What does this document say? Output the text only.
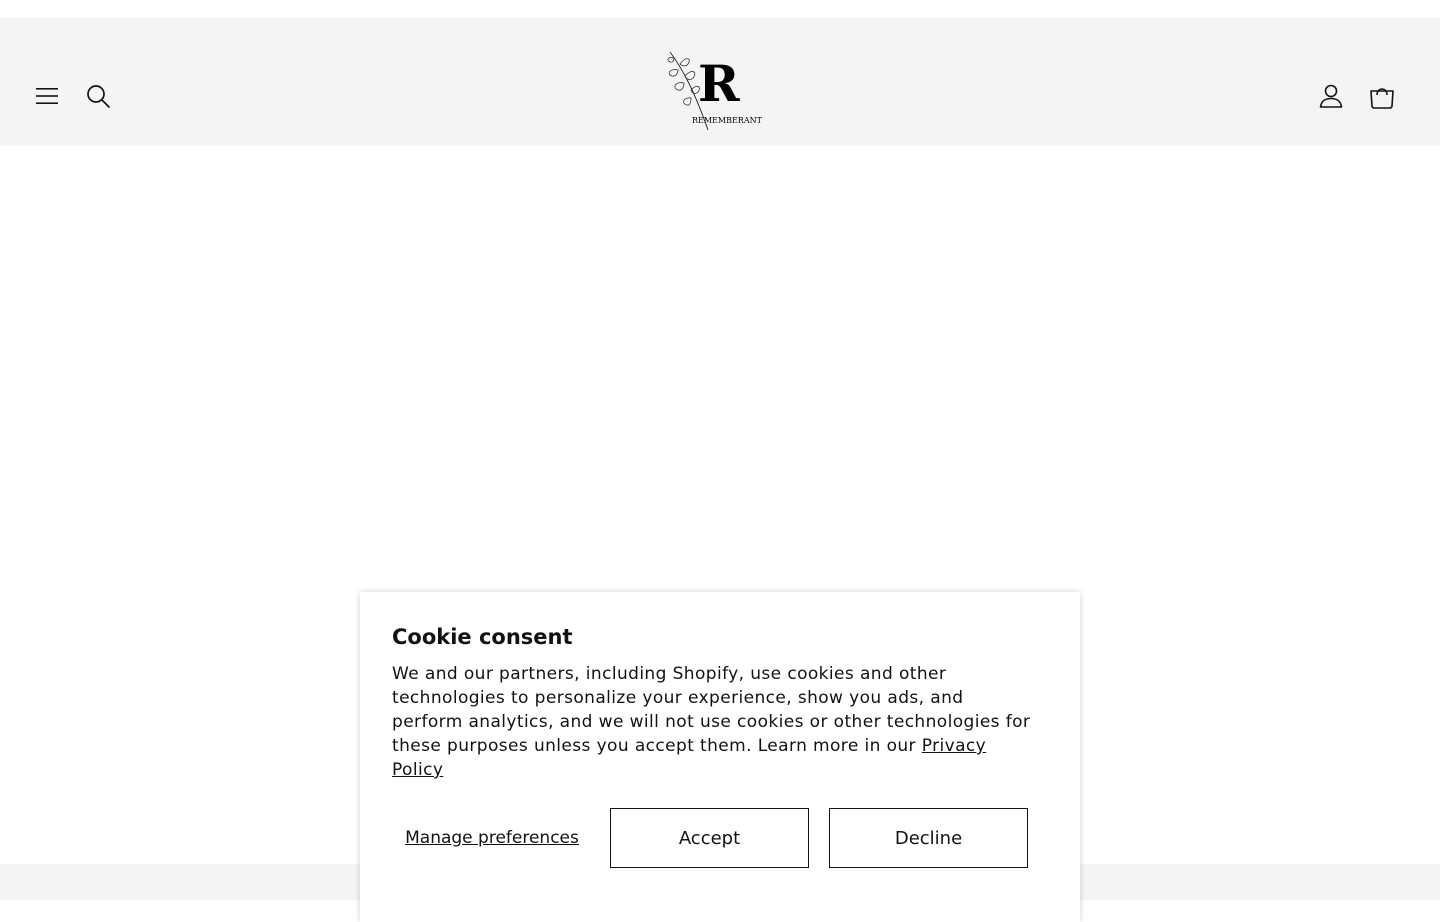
R
REMEMBERANT
Cookie consent

We and our partners, including Shopify, use cookies and other technologies to personalize your experience, show you ads, and perform analytics, and we will not use cookies or other technologies for these purposes unless you accept them. Learn more in our Privacy Policy

Manage preferences	Accept	Decline
